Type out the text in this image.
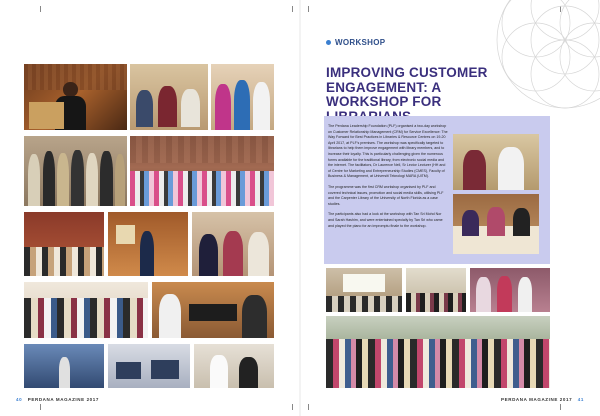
WORKSHOP
IMPROVING CUSTOMER ENGAGEMENT: A WORKSHOP FOR

The Perdana Leadership Foundation (PLF) organised a two-day workshop on Customer Relationship Management (CRM) for Service Excellence: The Way Forward for Best Practices in Libraries & Resource Centres on 19-20 April 2017, at PLF's premises. The workshop was specifically targeted to librarians to help them improve engagement with library members, and to increase their loyalty. This is particularly challenging given the numerous forms available for the traditional library, from electronic social media and the internet. The facilitators, Dr Laurence Nell, Sr Lector Lecturer (HH and of Centre for Marketing and Entrepreneurship Studies (CMES), Faculty of Business & Management, at Universiti Teknologi MARA (UiTM).

The programme was the first CRM workshop organised by PLF and covered technical issues, promotion and social media skills, utilising PLF and the Carpenter Library of the University of North Florida as a case studies.

The participants also had a look at the workshop with Tan Sri Mohd Nor and Sarah Hashim, and were entertained specially by Tan Sri who came and played the piano for an impromptu finale to the workshop.

40 PERDANA MAGAZINE 2017	PERDANA MAGAZINE 2017 41
